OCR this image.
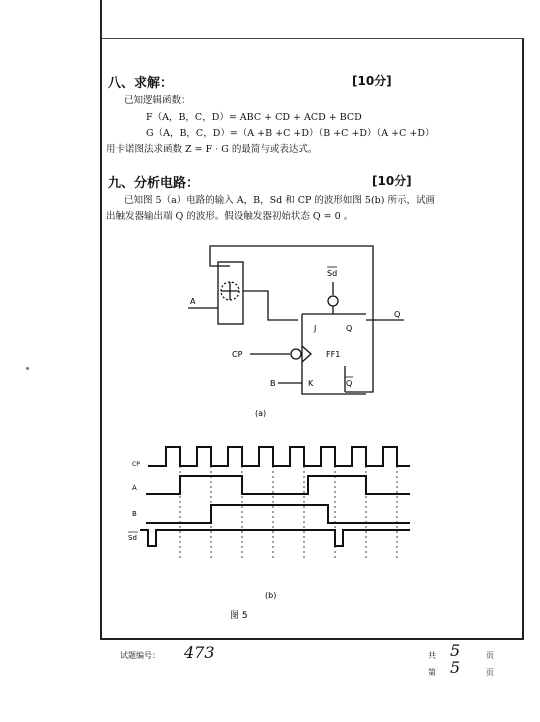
八、求解：	[10分]
已知逻辑函数：
F（A，B，C，D）= ABC + CD + ACD + BCD
G（A，B，C，D）=（A +B +C +D）（B +C +D）（A +C +D）
用卡诺图法求函数 Z = F · G 的最简与或表达式。
九、分析电路：	[10分]
已知图 5（a）电路的输入 A，B，Sd 和 CP 的波形如图 5(b) 所示，试画
出触发器输出端 Q 的波形。假设触发器初始状态 Q = 0 。
A
Sd
J	Q
Q
CP	FF1
B	K	Q
(a)
CP
A
B
Sd
(b)
图 5
试题编号： 473	共 5	页
第 5	页
